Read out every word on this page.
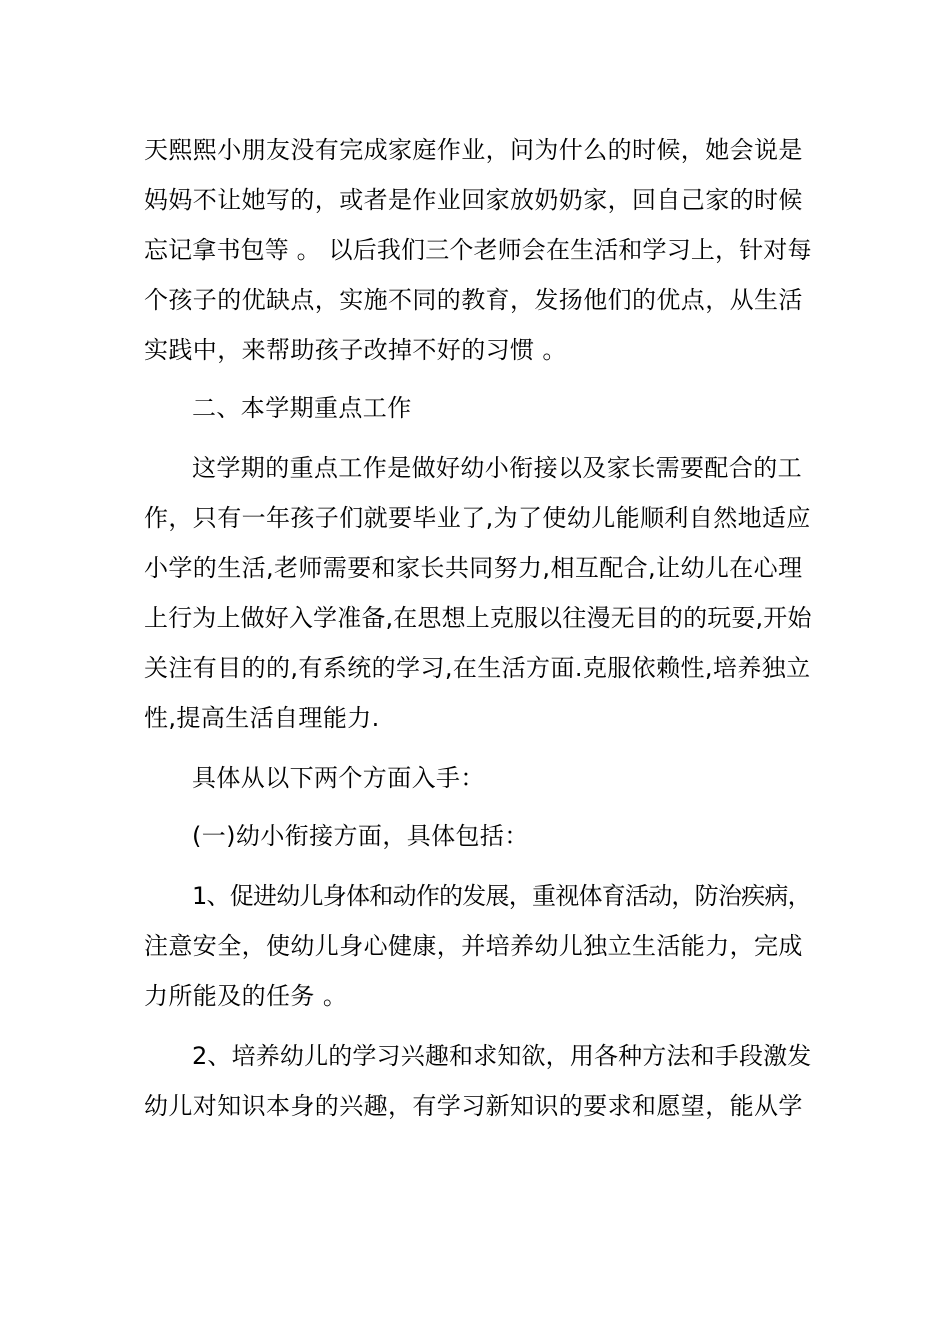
天熙熙小朋友没有完成家庭作业，问为什么的时候，她会说是
妈妈不让她写的，或者是作业回家放奶奶家，回自己家的时候
忘记拿书包等 。 以后我们三个老师会在生活和学习上，针对每
个孩子的优缺点，实施不同的教育，发扬他们的优点，从生活
实践中，来帮助孩子改掉不好的习惯 。
二、本学期重点工作
这学期的重点工作是做好幼小衔接以及家长需要配合的工
作，只有一年孩子们就要毕业了,为了使幼儿能顺利自然地适应
小学的生活,老师需要和家长共同努力,相互配合,让幼儿在心理
上行为上做好入学准备,在思想上克服以往漫无目的的玩耍,开始
关注有目的的,有系统的学习,在生活方面.克服依赖性,培养独立
性,提高生活自理能力.
具体从以下两个方面入手：
(一)幼小衔接方面，具体包括：
1、促进幼儿身体和动作的发展，重视体育活动，防治疾病，
注意安全，使幼儿身心健康，并培养幼儿独立生活能力，完成
力所能及的任务 。
2、培养幼儿的学习兴趣和求知欲，用各种方法和手段激发
幼儿对知识本身的兴趣，有学习新知识的要求和愿望，能从学
